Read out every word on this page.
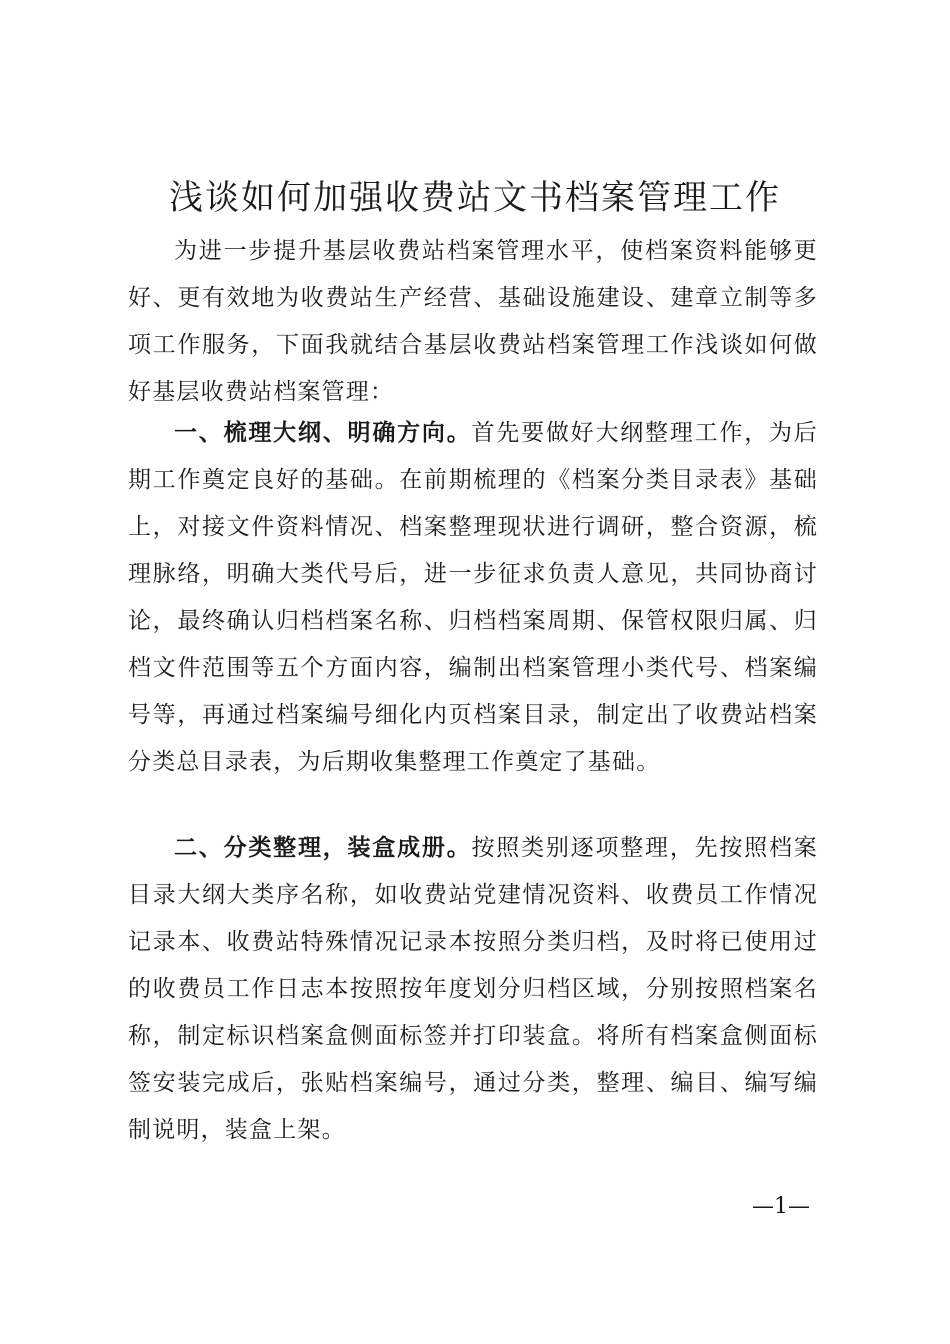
浅谈如何加强收费站文书档案管理工作

为进一步提升基层收费站档案管理水平，使档案资料能够更好、更有效地为收费站生产经营、基础设施建设、建章立制等多项工作服务，下面我就结合基层收费站档案管理工作浅谈如何做好基层收费站档案管理：

一、梳理大纲、明确方向。首先要做好大纲整理工作，为后期工作奠定良好的基础。在前期梳理的《档案分类目录表》基础上，对接文件资料情况、档案整理现状进行调研，整合资源，梳理脉络，明确大类代号后，进一步征求负责人意见，共同协商讨论，最终确认归档档案名称、归档档案周期、保管权限归属、归档文件范围等五个方面内容，编制出档案管理小类代号、档案编号等，再通过档案编号细化内页档案目录，制定出了收费站档案分类总目录表，为后期收集整理工作奠定了基础。

二、分类整理，装盒成册。按照类别逐项整理，先按照档案目录大纲大类序名称，如收费站党建情况资料、收费员工作情况记录本、收费站特殊情况记录本按照分类归档，及时将已使用过的收费员工作日志本按照按年度划分归档区域，分别按照档案名称，制定标识档案盒侧面标签并打印装盒。将所有档案盒侧面标签安装完成后，张贴档案编号，通过分类，整理、编目、编写编制说明，装盒上架。

—1—
